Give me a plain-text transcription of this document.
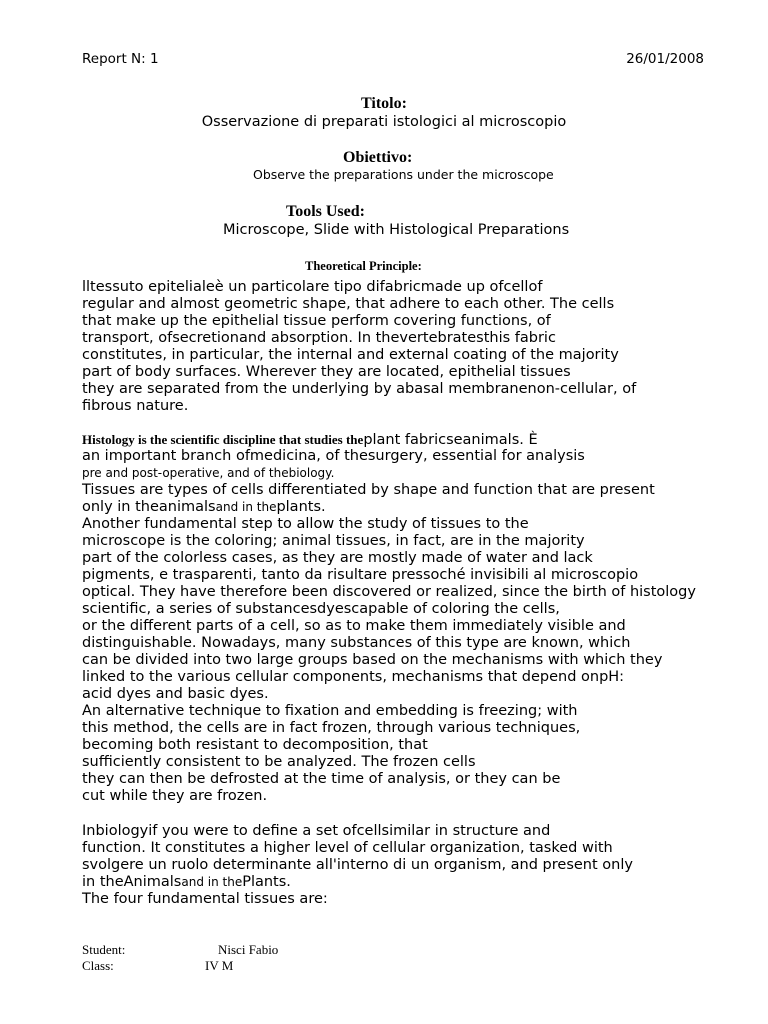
Report N: 1	26/01/2008
Titolo:
Osservazione di preparati istologici al microscopio
Obiettivo:
Observe the preparations under the microscope
Tools Used:
Microscope, Slide with Histological Preparations
Theoretical Principle:
lltessuto epitelialeè un particolare tipo difabricmade up ofcellof
regular and almost geometric shape, that adhere to each other. The cells
that make up the epithelial tissue perform covering functions, of
transport, ofsecretionand absorption. In thevertebratesthis fabric
constitutes, in particular, the internal and external coating of the majority
part of body surfaces. Wherever they are located, epithelial tissues
they are separated from the underlying by abasal membranenon-cellular, of
fibrous nature.
Histology is the scientific discipline that studies theplant fabricseanimals. È
an important branch ofmedicina, of thesurgery, essential for analysis
pre and post-operative, and of thebiology.
Tissues are types of cells differentiated by shape and function that are present
only in theanimalsand in theplants.
Another fundamental step to allow the study of tissues to the
microscope is the coloring; animal tissues, in fact, are in the majority
part of the colorless cases, as they are mostly made of water and lack
pigments, e trasparenti, tanto da risultare pressoché invisibili al microscopio
optical. They have therefore been discovered or realized, since the birth of histology
scientific, a series of substancesdyescapable of coloring the cells,
or the different parts of a cell, so as to make them immediately visible and
distinguishable. Nowadays, many substances of this type are known, which
can be divided into two large groups based on the mechanisms with which they
linked to the various cellular components, mechanisms that depend onpH:
acid dyes and basic dyes.
An alternative technique to fixation and embedding is freezing; with
this method, the cells are in fact frozen, through various techniques,
becoming both resistant to decomposition, that
sufficiently consistent to be analyzed. The frozen cells
they can then be defrosted at the time of analysis, or they can be
cut while they are frozen.
Inbiologyif you were to define a set ofcellsimilar in structure and
function. It constitutes a higher level of cellular organization, tasked with
svolgere un ruolo determinante all'interno di un organism, and present only
in theAnimalsand in thePlants.
The four fundamental tissues are:
Student:	Nisci Fabio
Class:	IV M
